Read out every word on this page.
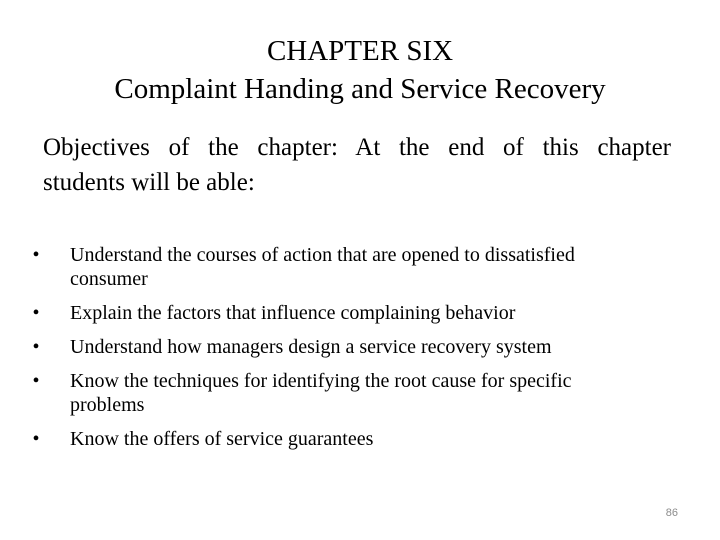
CHAPTER SIX
Complaint Handing and Service Recovery
Objectives of the chapter: At the end of this chapter
students will be able:
•	Understand the courses of action that are opened to dissatisfied
consumer
•	Explain the factors that influence complaining behavior
•	Understand how managers design a service recovery system
•	Know the techniques for identifying the root cause for specific
problems
•	Know the offers of service guarantees
86
